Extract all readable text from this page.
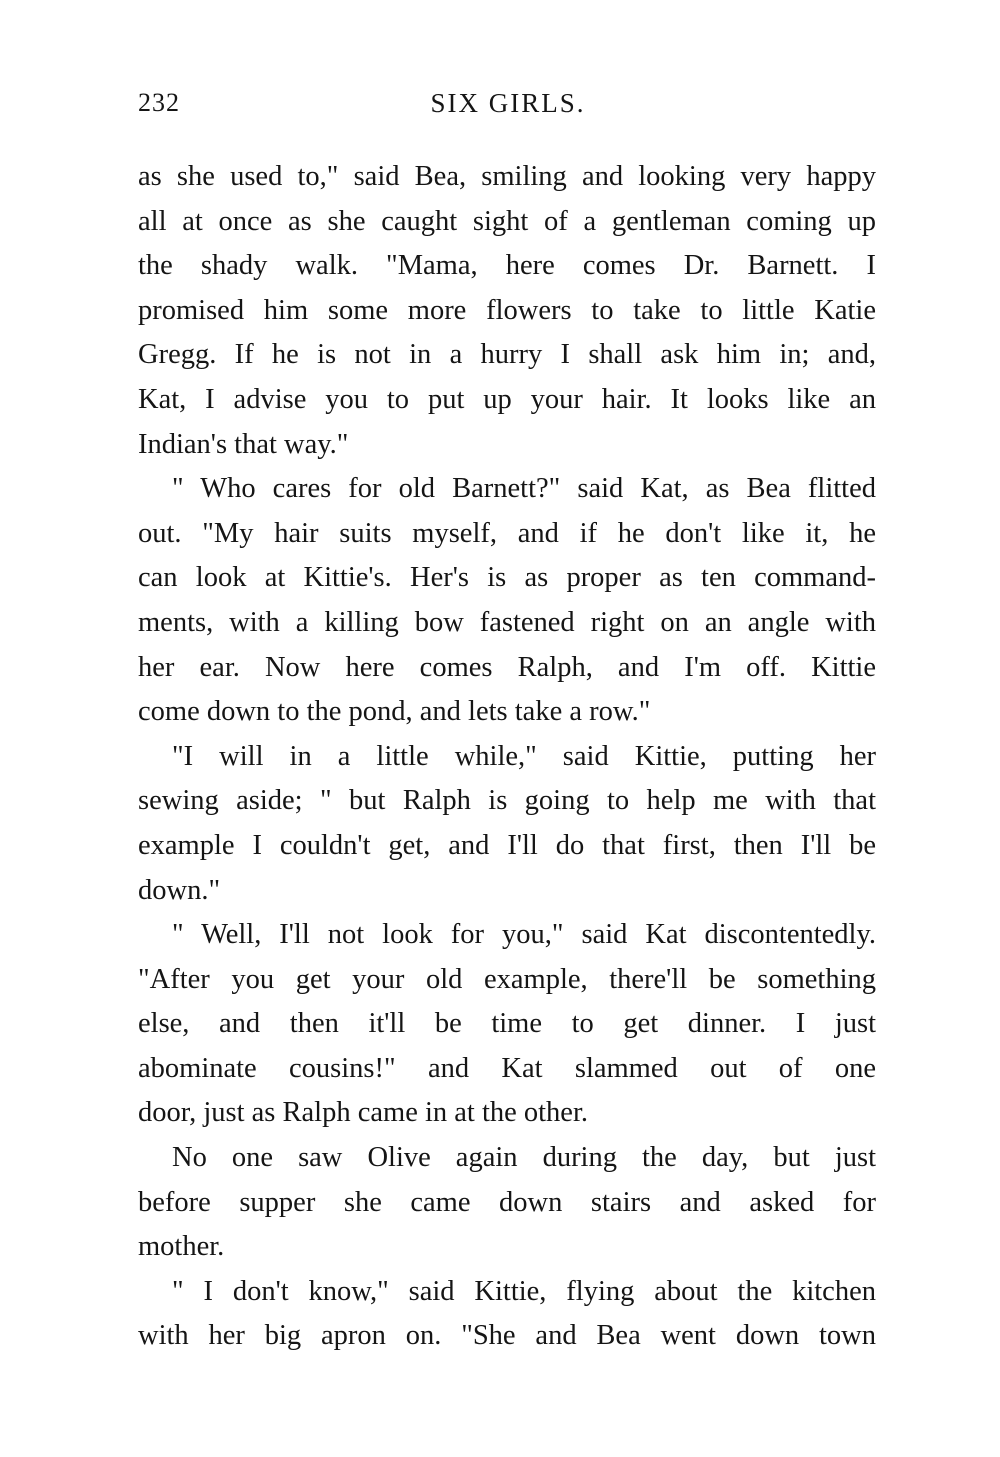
232	SIX GIRLS.

as she used to," said Bea, smiling and looking very happy
all at once as she caught sight of a gentleman coming up
the shady walk. "Mama, here comes Dr. Barnett. I
promised him some more flowers to take to little Katie
Gregg. If he is not in a hurry I shall ask him in; and,
Kat, I advise you to put up your hair. It looks like an
Indian's that way."

" Who cares for old Barnett?" said Kat, as Bea flitted
out. "My hair suits myself, and if he don't like it, he
can look at Kittie's. Her's is as proper as ten command-
ments, with a killing bow fastened right on an angle with
her ear. Now here comes Ralph, and I'm off. Kittie
come down to the pond, and lets take a row."

"I will in a little while," said Kittie, putting her
sewing aside; " but Ralph is going to help me with that
example I couldn't get, and I'll do that first, then I'll be
down."

" Well, I'll not look for you," said Kat discontentedly.
"After you get your old example, there'll be something
else, and then it'll be time to get dinner. I just
abominate cousins!" and Kat slammed out of one
door, just as Ralph came in at the other.

No one saw Olive again during the day, but just
before supper she came down stairs and asked for
mother.

" I don't know," said Kittie, flying about the kitchen
with her big apron on. "She and Bea went down town
